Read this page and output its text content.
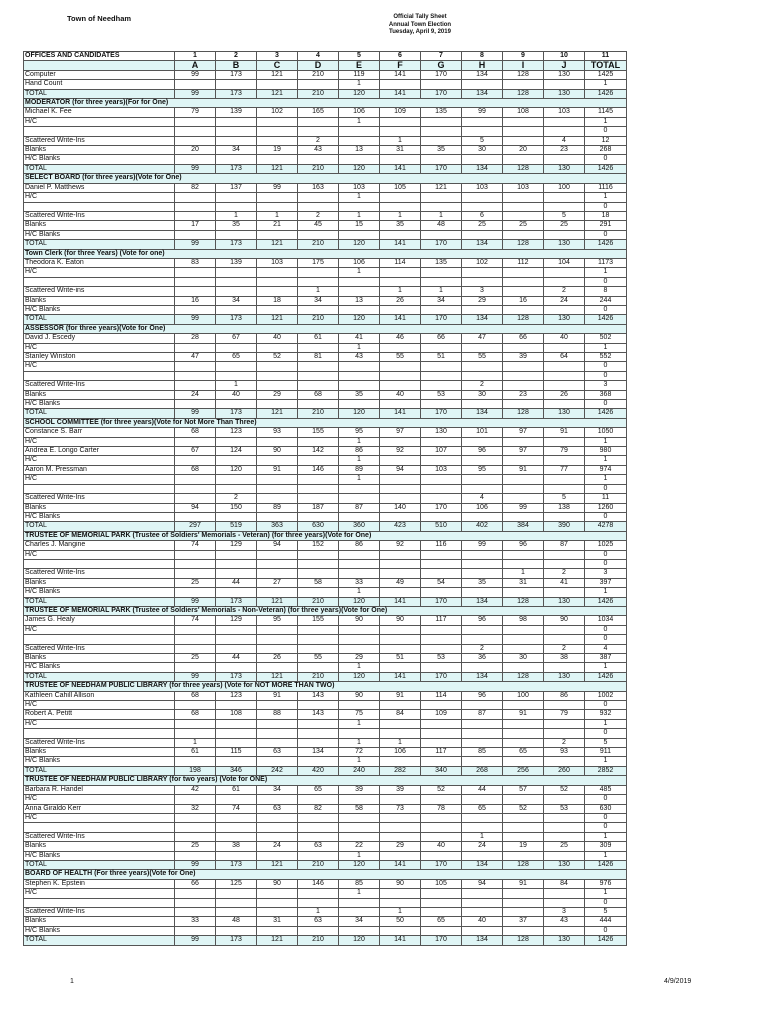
Town of Needham	Official Tally Sheet
Annual Town Election
Tuesday, April 9, 2019
OFFICES AND CANDIDATES	1	2	3	4	5	6	7	8	9	10	11
	A	B	C	D	E	F	G	H	I	J	TOTAL
Computer	99	173	121	210	119	141	170	134	128	130	1425
Hand Count					1						1
TOTAL	99	173	121	210	120	141	170	134	128	130	1426
MODERATOR (for three years)(For for One)											
Michael K. Fee	79	139	102	165	106	109	135	99	108	103	1145
H/C					1						1
											0
Scattered Write-Ins				2		1		5		4	12
Blanks	20	34	19	43	13	31	35	30	20	23	268
H/C Blanks											0
TOTAL	99	173	121	210	120	141	170	134	128	130	1426
SELECT BOARD (for three years)(Vote for One)											
Daniel P. Matthews	82	137	99	163	103	105	121	103	103	100	1116
H/C					1						1
											0
Scattered Write-Ins		1	1	2	1	1	1	6		5	18
Blanks	17	35	21	45	15	35	48	25	25	25	291
H/C Blanks											0
TOTAL	99	173	121	210	120	141	170	134	128	130	1426
Town Clerk (for three Years) (Vote for one)											
Theodora K. Eaton	83	139	103	175	106	114	135	102	112	104	1173
H/C					1						1
											0
Scattered Write-ins				1		1	1	3		2	8
Blanks	16	34	18	34	13	26	34	29	16	24	244
H/C Blanks											0
TOTAL	99	173	121	210	120	141	170	134	128	130	1426
ASSESSOR (for three years)(Vote for One)											
David J. Escedy	28	67	40	61	41	46	66	47	66	40	502
H/C					1						1
Stanley Winston	47	65	52	81	43	55	51	55	39	64	552
H/C											0
											0
Scattered Write-Ins		1						2			3
Blanks	24	40	29	68	35	40	53	30	23	26	368
H/C Blanks											0
TOTAL	99	173	121	210	120	141	170	134	128	130	1426
SCHOOL COMMITTEE (for three years)(Vote for Not More Than Three)											
Constance S. Barr	68	123	93	155	95	97	130	101	97	91	1050
H/C					1						1
Andrea E. Longo Carter	67	124	90	142	86	92	107	96	97	79	980
H/C					1						1
Aaron M. Pressman	68	120	91	146	89	94	103	95	91	77	974
H/C					1						1
											0
Scattered Write-Ins		2						4		5	11
Blanks	94	150	89	187	87	140	170	106	99	138	1260
H/C Blanks											0
TOTAL	297	519	363	630	360	423	510	402	384	390	4278
TRUSTEE OF MEMORIAL PARK (Trustee of Soldiers' Memorials - Veteran) (for three years)(Vote for One)											
Charles J. Mangine	74	129	94	152	86	92	116	99	96	87	1025
H/C											0
											0
Scattered Write-Ins									1	2	3
Blanks	25	44	27	58	33	49	54	35	31	41	397
H/C Blanks					1						1
TOTAL	99	173	121	210	120	141	170	134	128	130	1426
TRUSTEE OF MEMORIAL PARK (Trustee of Soldiers' Memorials - Non-Veteran) (for three years)(Vote for One)											
James G. Healy	74	129	95	155	90	90	117	96	98	90	1034
H/C											0
											0
Scattered Write-Ins								2		2	4
Blanks	25	44	26	55	29	51	53	36	30	38	387
H/C Blanks					1						1
TOTAL	99	173	121	210	120	141	170	134	128	130	1426
TRUSTEE OF NEEDHAM PUBLIC LIBRARY (for three years) (Vote for NOT MORE THAN TWO)											
Kathleen Cahill Allison	68	123	91	143	90	91	114	96	100	86	1002
H/C											0
Robert A. Petitt	68	108	88	143	75	84	109	87	91	79	932
H/C					1						1
											0
Scattered Write-Ins	1				1	1				2	5
Blanks	61	115	63	134	72	106	117	85	65	93	911
H/C Blanks					1						1
TOTAL	198	346	242	420	240	282	340	268	256	260	2852
TRUSTEE OF NEEDHAM PUBLIC LIBRARY (for two years) (Vote for ONE)											
Barbara R. Handel	42	61	34	65	39	39	52	44	57	52	485
H/C											0
Anna Giraldo Kerr	32	74	63	82	58	73	78	65	52	53	630
H/C											0
											0
Scattered Write-Ins								1			1
Blanks	25	38	24	63	22	29	40	24	19	25	309
H/C Blanks					1						1
TOTAL	99	173	121	210	120	141	170	134	128	130	1426
BOARD OF HEALTH (For three years)(Vote for One)											
Stephen K. Epstein	66	125	90	146	85	90	105	94	91	84	976
H/C					1						1
											0
Scattered Write-Ins				1		1				3	5
Blanks	33	48	31	63	34	50	65	40	37	43	444
H/C Blanks											0
TOTAL	99	173	121	210	120	141	170	134	128	130	1426
1	4/9/2019
